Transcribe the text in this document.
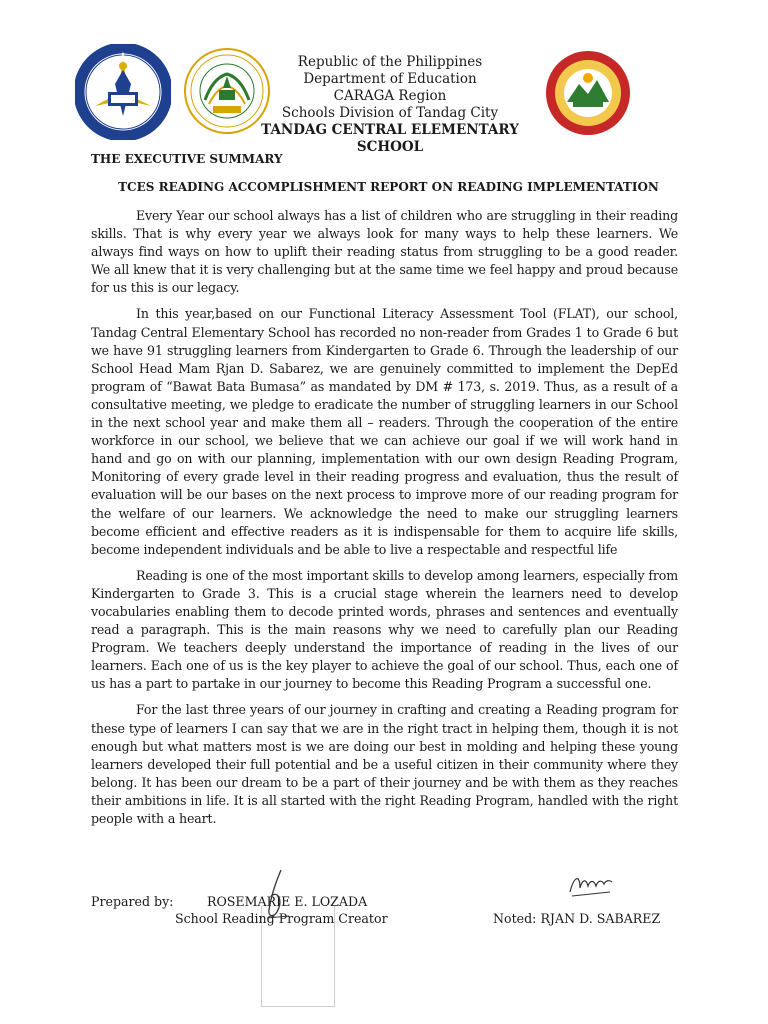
★	Republic of the Philippines
Department of Education
CARAGA Region
Schools Division of Tandag City
TANDAG CENTRAL ELEMENTARY
SCHOOL
THE EXECUTIVE SUMMARY
TCES READING ACCOMPLISHMENT REPORT ON READING IMPLEMENTATION

Every Year our school always has a list of children who are struggling in their reading skills. That is why every year we always look for many ways to help these learners. We always find ways on how to uplift their reading status from struggling to be a good reader. We all knew that it is very challenging but at the same time we feel happy and proud because for us this is our legacy.

In this year,based on our Functional Literacy Assessment Tool (FLAT), our school, Tandag Central Elementary School has recorded no non-reader from Grades 1 to Grade 6 but we have 91 struggling learners from Kindergarten to Grade 6. Through the leadership of our School Head Mam Rjan D. Sabarez, we are genuinely committed to implement the DepEd program of “Bawat Bata Bumasa” as mandated by DM # 173, s. 2019. Thus, as a result of a consultative meeting, we pledge to eradicate the number of struggling learners in our School in the next school year and make them all – readers. Through the cooperation of the entire workforce in our school, we believe that we can achieve our goal if we will work hand in hand and go on with our planning, implementation with our own design Reading Program, Monitoring of every grade level in their reading progress and evaluation, thus the result of evaluation will be our bases on the next process to improve more of our reading program for the welfare of our learners. We acknowledge the need to make our struggling learners become efficient and effective readers as it is indispensable for them to acquire life skills, become independent individuals and be able to live a respectable and respectful life

Reading is one of the most important skills to develop among learners, especially from Kindergarten to Grade 3. This is a crucial stage wherein the learners need to develop vocabularies enabling them to decode printed words, phrases and sentences and eventually read a paragraph. This is the main reasons why we need to carefully plan our Reading Program. We teachers deeply understand the importance of reading in the lives of our learners. Each one of us is the key player to achieve the goal of our school. Thus, each one of us has a part to partake in our journey to become this Reading Program a successful one.

For the last three years of our journey in crafting and creating a Reading program for these type of learners I can say that we are in the right tract in helping them, though it is not enough but what matters most is we are doing our best in molding and helping these young learners developed their full potential and be a useful citizen in their community where they belong. It has been our dream to be a part of their journey and be with them as they reaches their ambitions in life. It is all started with the right Reading Program, handled with the right people with a heart.

Prepared by:	ROSEMARIE E. LOZADA
School Reading Program Creator	Noted: RJAN D. SABAREZ
